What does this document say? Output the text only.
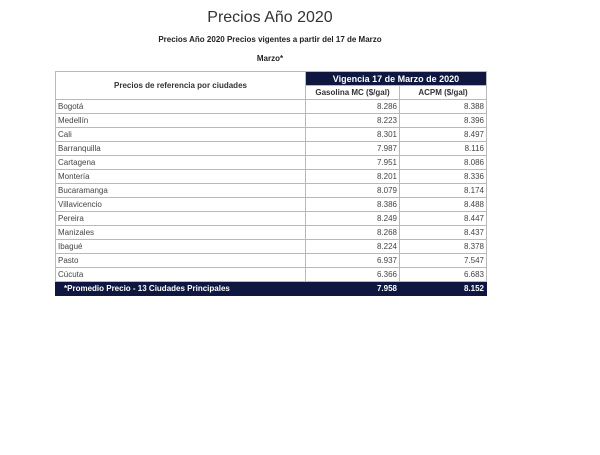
Precios Año 2020
Precios Año 2020 Precios vigentes a partir del 17 de Marzo
Marzo*
Precios de referencia por ciudades	Vigencia 17 de Marzo de 2020	
	Gasolina MC ($/gal)	ACPM ($/gal)
Bogotá	8.286	8.388
Medellín	8.223	8.396
Cali	8.301	8.497
Barranquilla	7.987	8.116
Cartagena	7.951	8.086
Montería	8.201	8.336
Bucaramanga	8.079	8.174
Villavicencio	8.386	8.488
Pereira	8.249	8.447
Manizales	8.268	8.437
Ibagué	8.224	8.378
Pasto	6.937	7.547
Cúcuta	6.366	6.683
*Promedio Precio - 13 Ciudades Principales	7.958	8.152
